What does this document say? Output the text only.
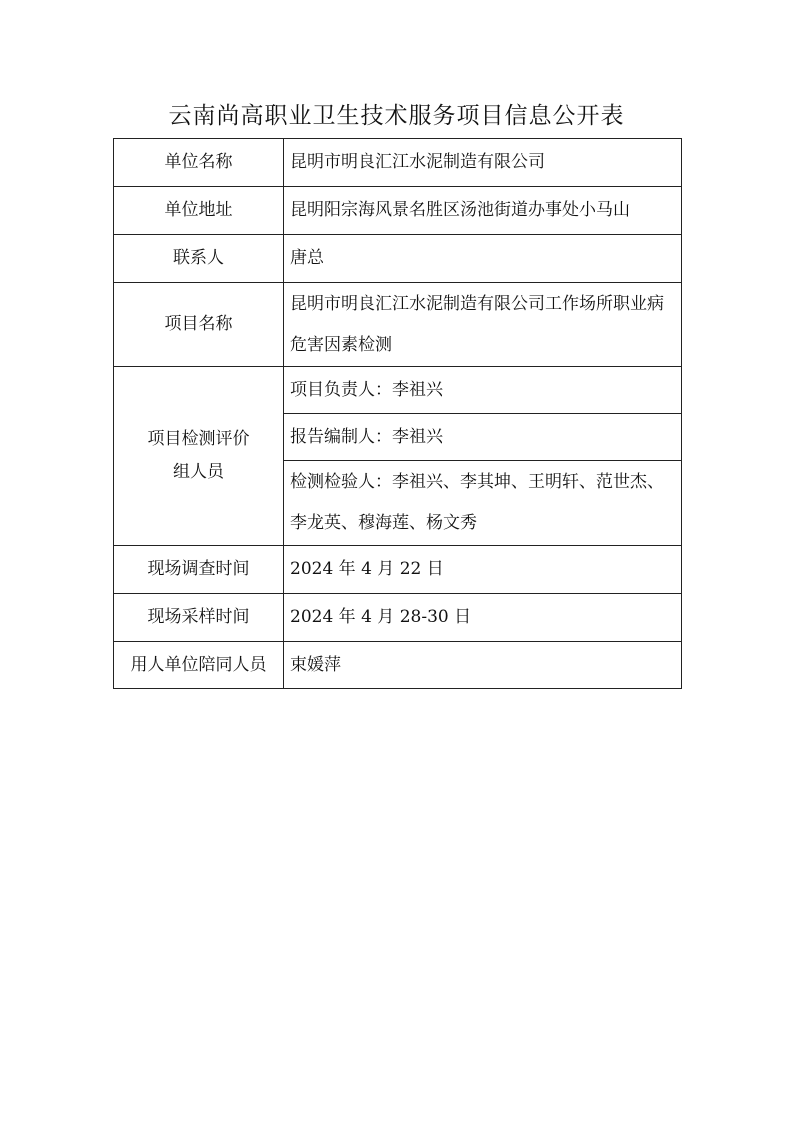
云南尚高职业卫生技术服务项目信息公开表
单位名称	昆明市明良汇江水泥制造有限公司
单位地址	昆明阳宗海风景名胜区汤池街道办事处小马山
联系人	唐总
项目名称	昆明市明良汇江水泥制造有限公司工作场所职业病危害因素检测
项目检测评价组人员	项目负责人：李祖兴
	报告编制人：李祖兴
	检测检验人：李祖兴、李其坤、王明轩、范世杰、李龙英、穆海莲、杨文秀
现场调查时间	2024 年 4 月 22 日
现场采样时间	2024 年 4 月 28-30 日
用人单位陪同人员	束媛萍
